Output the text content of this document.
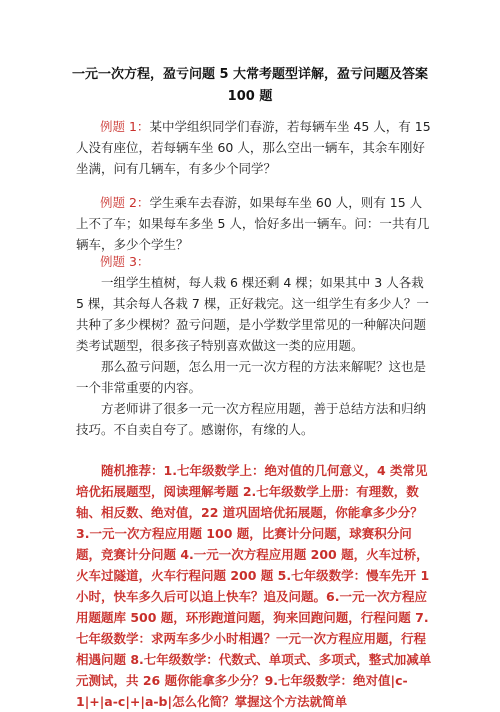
一元一次方程，盈亏问题 5 大常考题型详解，盈亏问题及答案 100 题
例题 1：某中学组织同学们春游，若每辆车坐 45 人，有 15 人没有座位，若每辆车坐 60 人，那么空出一辆车，其余车刚好坐满，问有几辆车，有多少个同学？
例题 2：学生乘车去春游，如果每车坐 60 人，则有 15 人上不了车；如果每车多坐 5 人，恰好多出一辆车。问：一共有几辆车，多少个学生？
例题 3：
一组学生植树，每人栽 6 棵还剩 4 棵；如果其中 3 人各栽 5 棵，其余每人各栽 7 棵，正好栽完。这一组学生有多少人？一共种了多少棵树？盈亏问题，是小学数学里常见的一种解决问题类考试题型，很多孩子特别喜欢做这一类的应用题。
那么盈亏问题，怎么用一元一次方程的方法来解呢？这也是一个非常重要的内容。
方老师讲了很多一元一次方程应用题，善于总结方法和归纳技巧。不自卖自夸了。感谢你，有缘的人。
随机推荐：1.七年级数学上：绝对值的几何意义，4 类常见培优拓展题型，阅读理解考题 2.七年级数学上册：有理数，数轴、相反数、绝对值，22 道巩固培优拓展题，你能拿多少分？3.一元一次方程应用题 100 题，比赛计分问题，球赛积分问题，竞赛计分问题 4.一元一次方程应用题 200 题，火车过桥，火车过隧道，火车行程问题 200 题 5.七年级数学：慢车先开 1 小时，快车多久后可以追上快车？追及问题。6.一元一次方程应用题题库 500 题，环形跑道问题，狗来回跑问题，行程问题 7.七年级数学：求两车多少小时相遇？一元一次方程应用题，行程相遇问题 8.七年级数学：代数式、单项式、多项式，整式加减单元测试，共 26 题你能拿多少分？9.七年级数学：绝对值|c-1|+|a-c|+|a-b|怎么化简？掌握这个方法就简单
